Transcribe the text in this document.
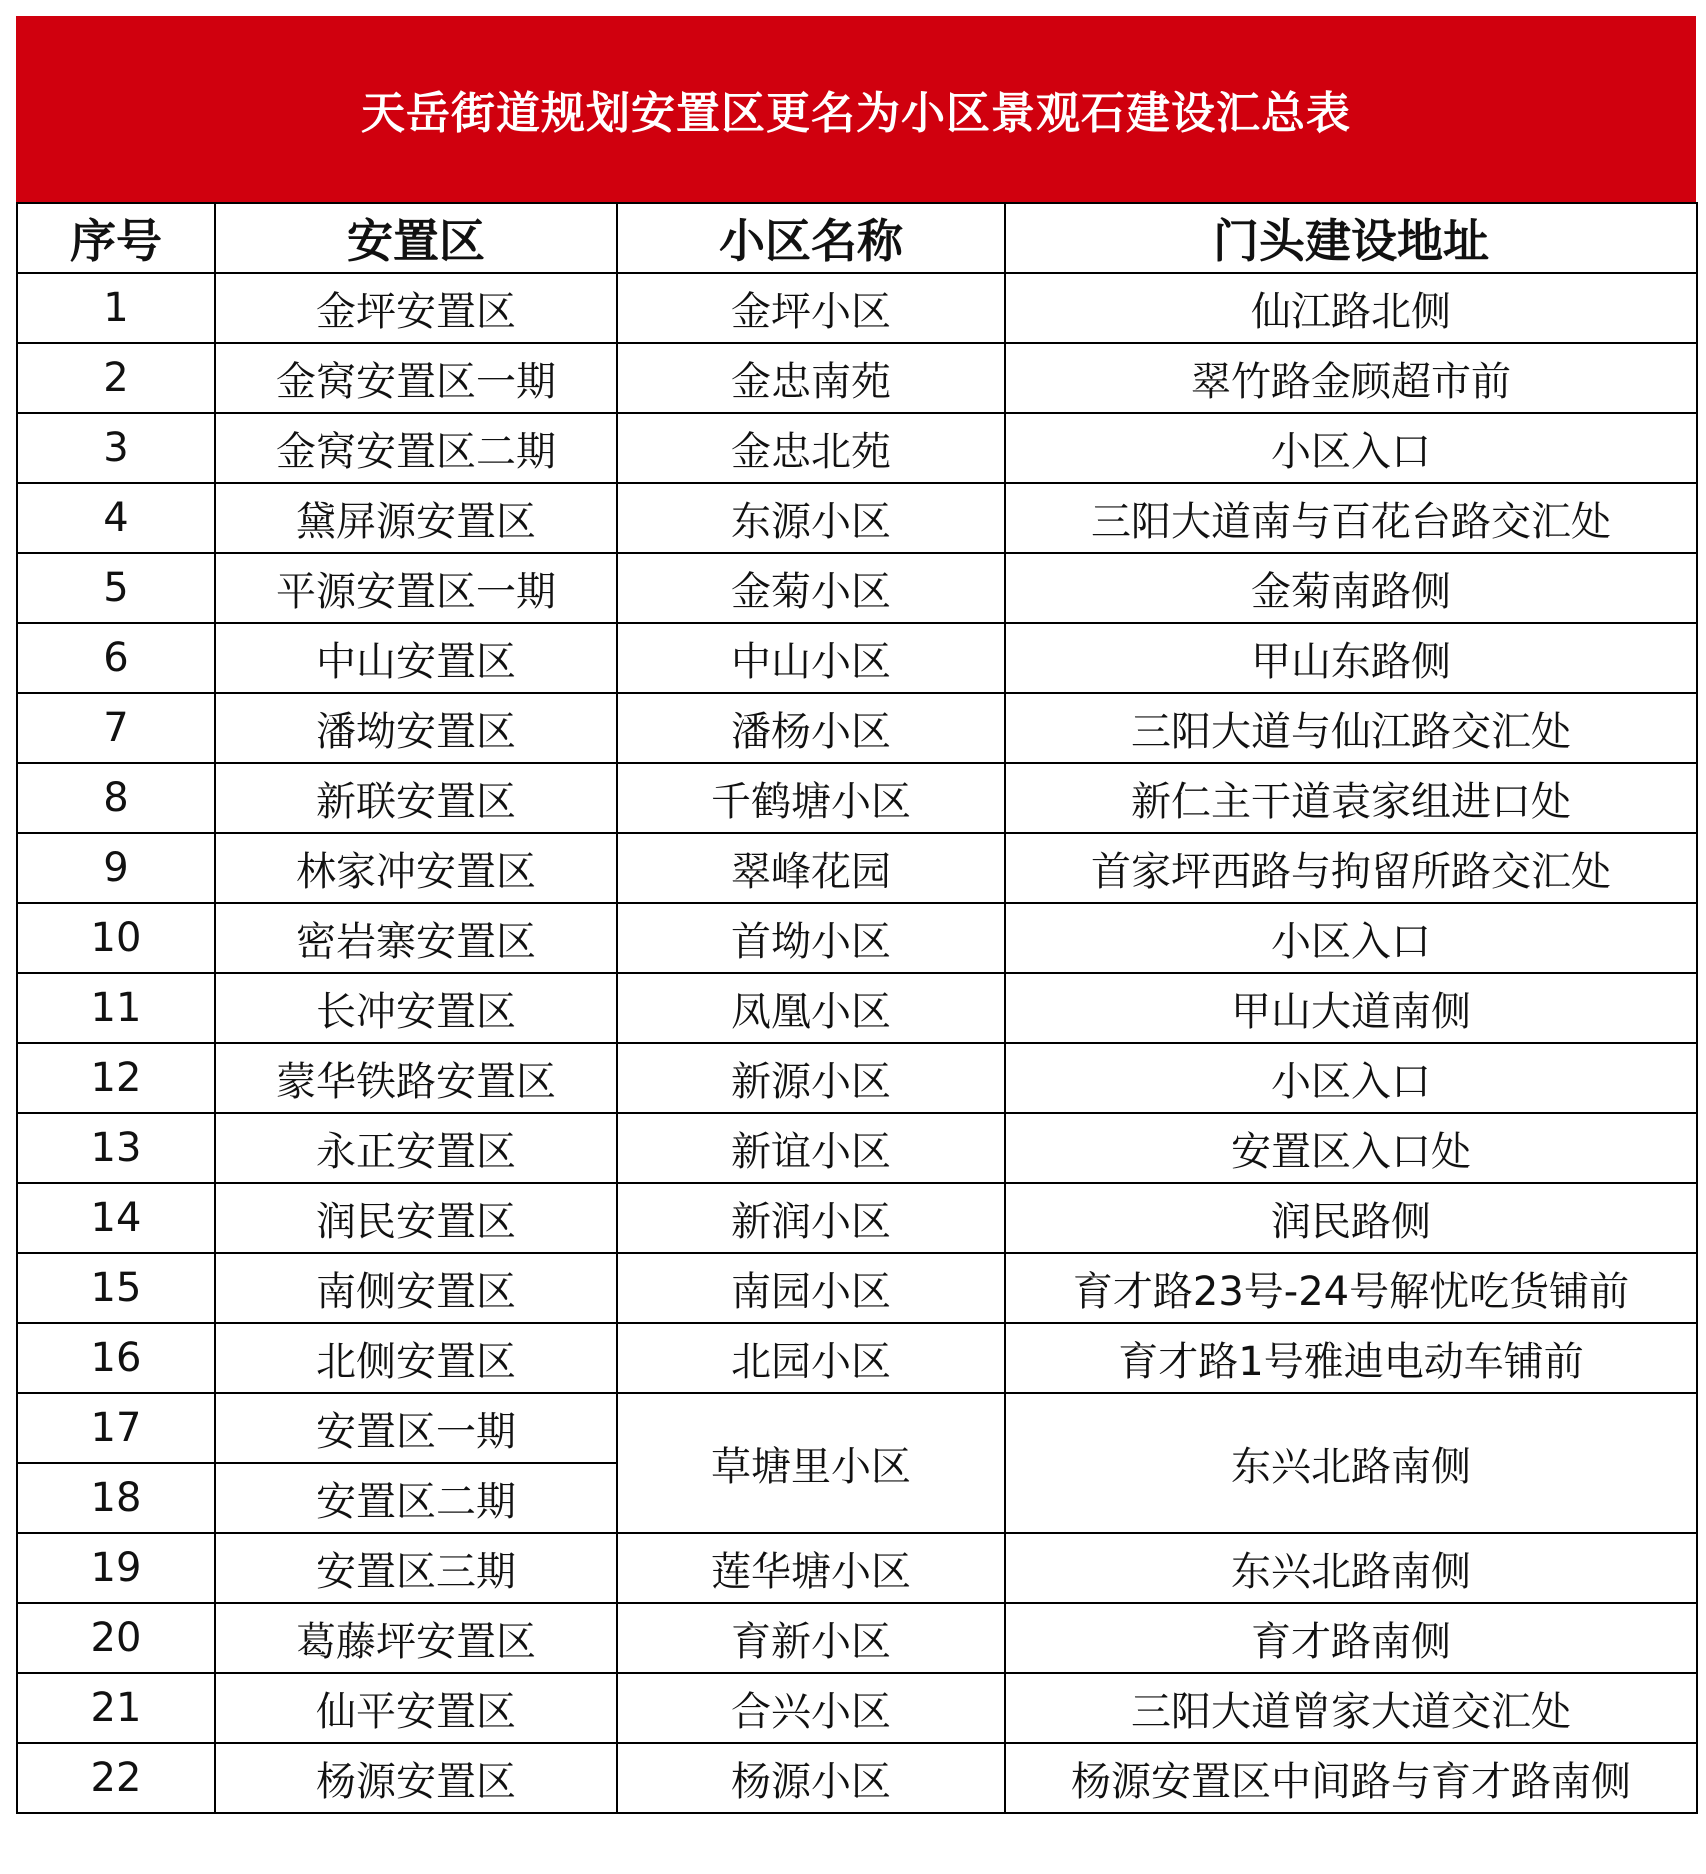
天岳街道规划安置区更名为小区景观石建设汇总表
序号	安置区	小区名称	门头建设地址
1	金坪安置区	金坪小区	仙江路北侧
2	金窝安置区一期	金忠南苑	翠竹路金顾超市前
3	金窝安置区二期	金忠北苑	小区入口
4	黛屏源安置区	东源小区	三阳大道南与百花台路交汇处
5	平源安置区一期	金菊小区	金菊南路侧
6	中山安置区	中山小区	甲山东路侧
7	潘坳安置区	潘杨小区	三阳大道与仙江路交汇处
8	新联安置区	千鹤塘小区	新仁主干道袁家组进口处
9	林家冲安置区	翠峰花园	首家坪西路与拘留所路交汇处
10	密岩寨安置区	首坳小区	小区入口
11	长冲安置区	凤凰小区	甲山大道南侧
12	蒙华铁路安置区	新源小区	小区入口
13	永正安置区	新谊小区	安置区入口处
14	润民安置区	新润小区	润民路侧
15	南侧安置区	南园小区	育才路23号-24号解忧吃货铺前
16	北侧安置区	北园小区	育才路1号雅迪电动车铺前
17	安置区一期	草塘里小区	东兴北路南侧
18	安置区二期		
19	安置区三期	莲华塘小区	东兴北路南侧
20	葛藤坪安置区	育新小区	育才路南侧
21	仙平安置区	合兴小区	三阳大道曾家大道交汇处
22	杨源安置区	杨源小区	杨源安置区中间路与育才路南侧
